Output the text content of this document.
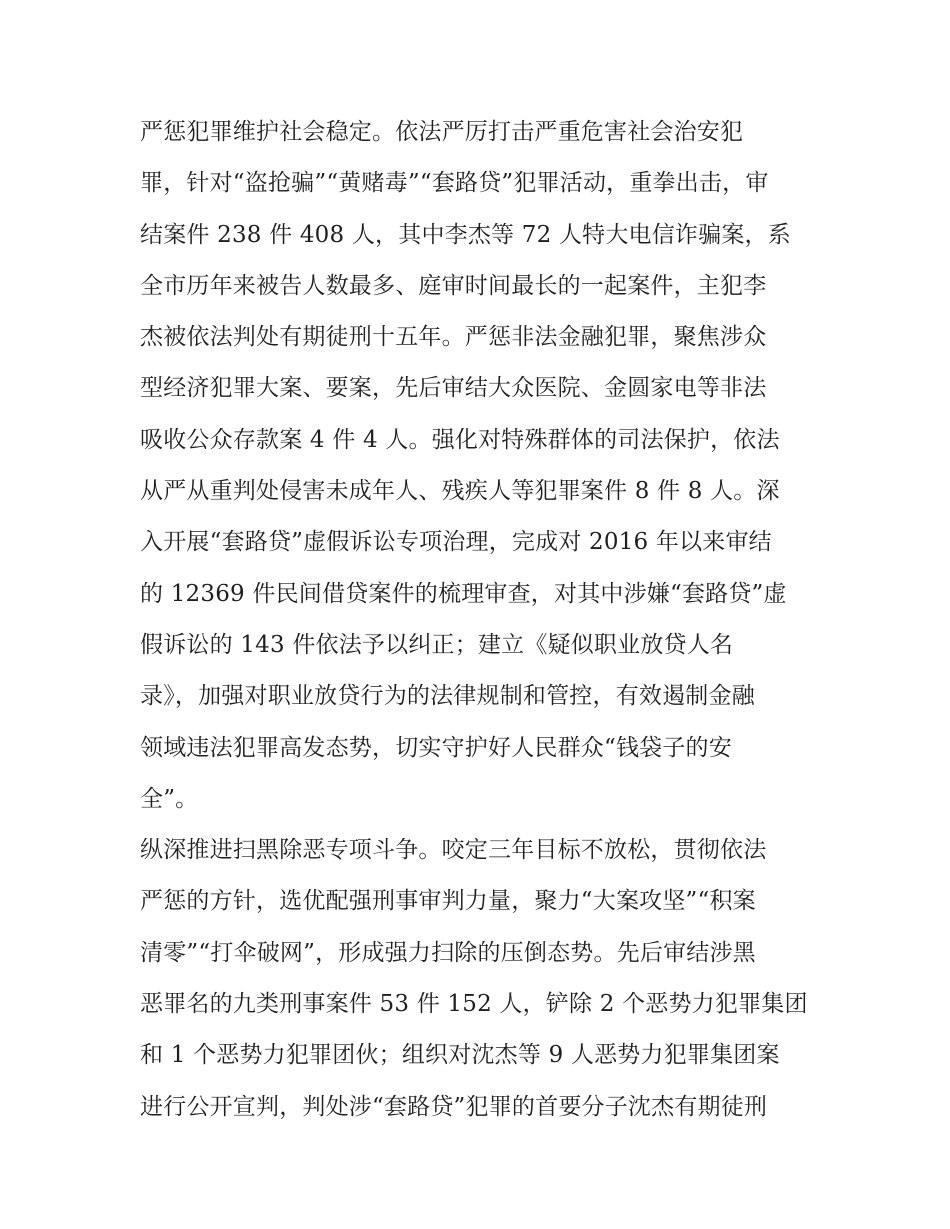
严惩犯罪维护社会稳定。依法严厉打击严重危害社会治安犯
罪，针对“盗抢骗”“黄赌毒”“套路贷”犯罪活动，重拳出击，审
结案件 238 件 408 人，其中李杰等 72 人特大电信诈骗案，系
全市历年来被告人数最多、庭审时间最长的一起案件，主犯李
杰被依法判处有期徒刑十五年。严惩非法金融犯罪，聚焦涉众
型经济犯罪大案、要案，先后审结大众医院、金圆家电等非法
吸收公众存款案 4 件 4 人。强化对特殊群体的司法保护，依法
从严从重判处侵害未成年人、残疾人等犯罪案件 8 件 8 人。深
入开展“套路贷”虚假诉讼专项治理，完成对 2016 年以来审结
的 12369 件民间借贷案件的梳理审查，对其中涉嫌“套路贷”虚
假诉讼的 143 件依法予以纠正；建立《疑似职业放贷人名
录》，加强对职业放贷行为的法律规制和管控，有效遏制金融
领域违法犯罪高发态势，切实守护好人民群众“钱袋子的安
全”。
纵深推进扫黑除恶专项斗争。咬定三年目标不放松，贯彻依法
严惩的方针，选优配强刑事审判力量，聚力“大案攻坚”“积案
清零”“打伞破网”，形成强力扫除的压倒态势。先后审结涉黑
恶罪名的九类刑事案件 53 件 152 人，铲除 2 个恶势力犯罪集团
和 1 个恶势力犯罪团伙；组织对沈杰等 9 人恶势力犯罪集团案
进行公开宣判，判处涉“套路贷”犯罪的首要分子沈杰有期徒刑
